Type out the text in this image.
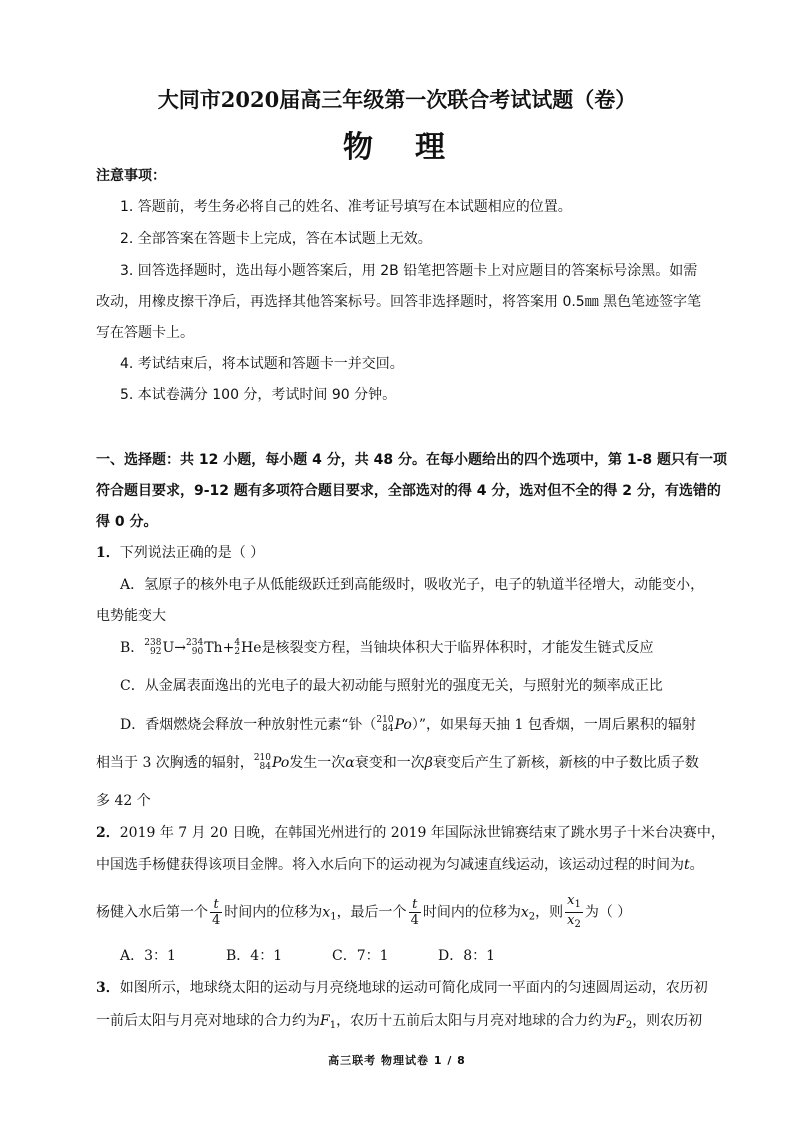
大同市2020届高三年级第一次联合考试试题（卷）
物　理
注意事项：
1. 答题前，考生务必将自己的姓名、准考证号填写在本试题相应的位置。
2. 全部答案在答题卡上完成，答在本试题上无效。
3. 回答选择题时，选出每小题答案后，用 2B 铅笔把答题卡上对应题目的答案标号涂黑。如需
改动，用橡皮擦干净后，再选择其他答案标号。回答非选择题时，将答案用 0.5㎜ 黑色笔迹签字笔
写在答题卡上。
4. 考试结束后，将本试题和答题卡一并交回。
5. 本试卷满分 100 分，考试时间 90 分钟。
一、选择题：共 12 小题，每小题 4 分，共 48 分。在每小题给出的四个选项中，第 1-8 题只有一项
符合题目要求，9-12 题有多项符合题目要求，全部选对的得 4 分，选对但不全的得 2 分，有选错的
得 0 分。
1．下列说法正确的是（ ）
A．氢原子的核外电子从低能级跃迁到高能级时，吸收光子，电子的轨道半径增大，动能变小，
电势能变大
B． 238
92 U→ 234
90 Th+ 4
2 He是核裂变方程，当铀块体积大于临界体积时，才能发生链式反应
C．从金属表面逸出的光电子的最大初动能与照射光的强度无关，与照射光的频率成正比
D．香烟燃烧会释放一种放射性元素“钋（ 210
84 Po）”，如果每天抽 1 包香烟，一周后累积的辐射
相当于 3 次胸透的辐射， 210
84 Po发生一次α衰变和一次β衰变后产生了新核，新核的中子数比质子数
多 42 个
2．2019 年 7 月 20 日晚，在韩国光州进行的 2019 年国际泳世锦赛结束了跳水男子十米台决赛中，
中国选手杨健获得该项目金牌。将入水后向下的运动视为匀减速直线运动，该运动过程的时间为t。
杨健入水后第一个 $\frac{t}{4}$ 时间内的位移为$x_1$，最后一个 $\frac{t}{4}$ 时间内的位移为$x_2$，则 $\frac{x_1}{x_2}$ 为（ ）
A．3：1	B．4：1	C．7：1	D．8：1
3．如图所示，地球绕太阳的运动与月亮绕地球的运动可简化成同一平面内的匀速圆周运动，农历初
一前后太阳与月亮对地球的合力约为$F_1$，农历十五前后太阳与月亮对地球的合力约为$F_2$，则农历初
高三联考 物理试卷 1 / 8
